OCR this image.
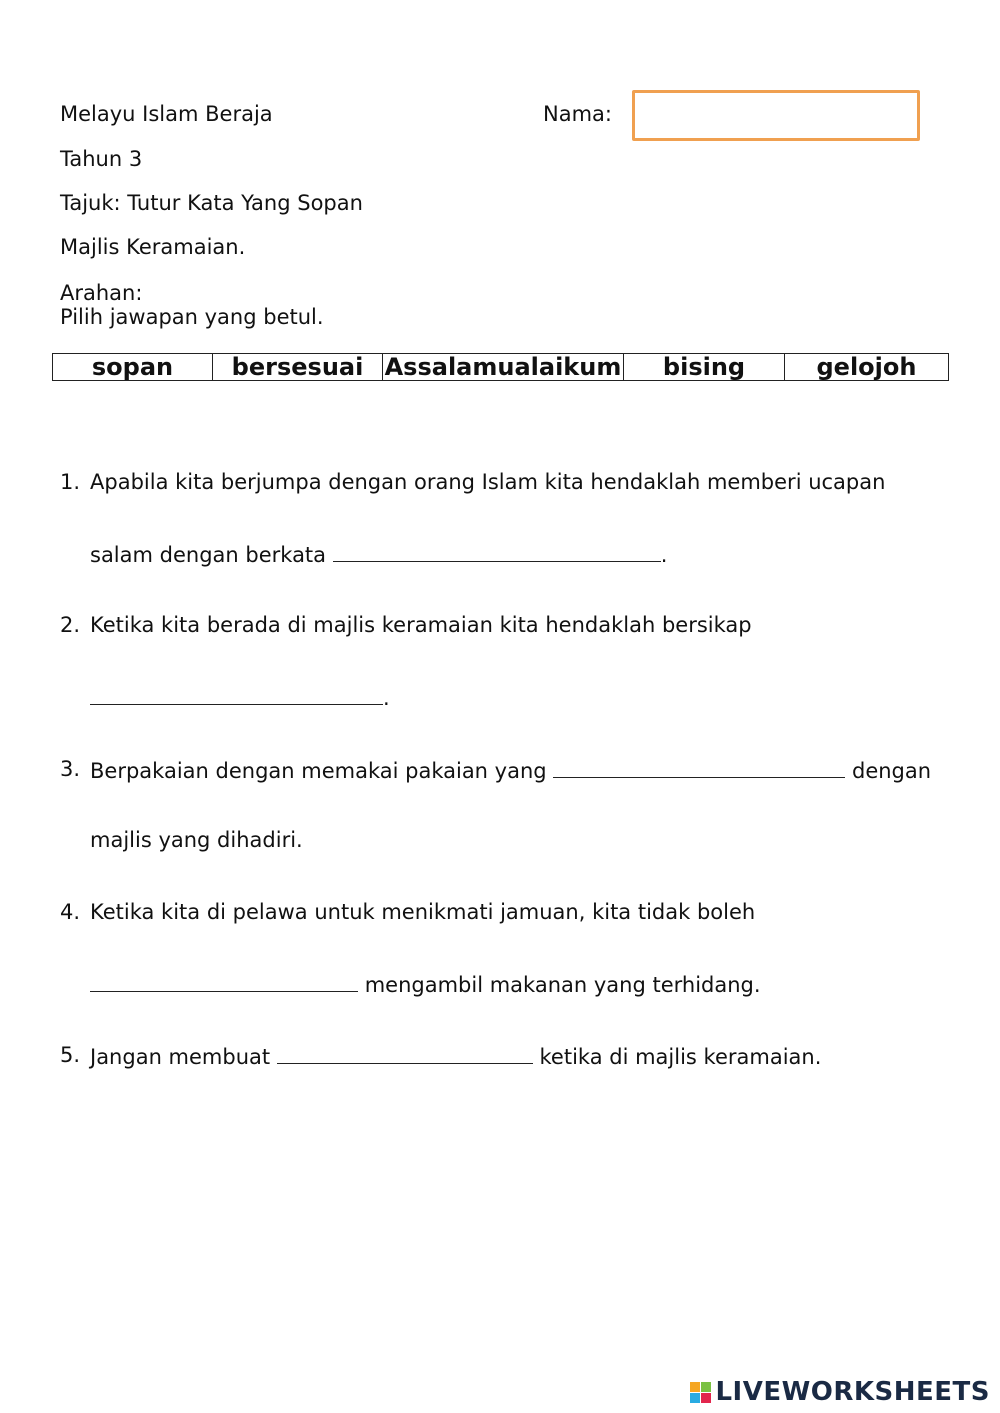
Melayu Islam Beraja
Tahun 3
Tajuk: Tutur Kata Yang Sopan
Majlis Keramaian.
Arahan:
Pilih jawapan yang betul.
Nama:
sopan	bersesuai	Assalamualaikum	bising	gelojoh
1. Apabila kita berjumpa dengan orang Islam kita hendaklah memberi ucapan
salam dengan berkata	.
2. Ketika kita berada di majlis keramaian kita hendaklah bersikap
.
3. Berpakaian dengan memakai pakaian yang	dengan
majlis yang dihadiri.
4. Ketika kita di pelawa untuk menikmati jamuan, kita tidak boleh
mengambil makanan yang terhidang.
5. Jangan membuat	ketika di majlis keramaian.
LIVEWORKSHEETS
